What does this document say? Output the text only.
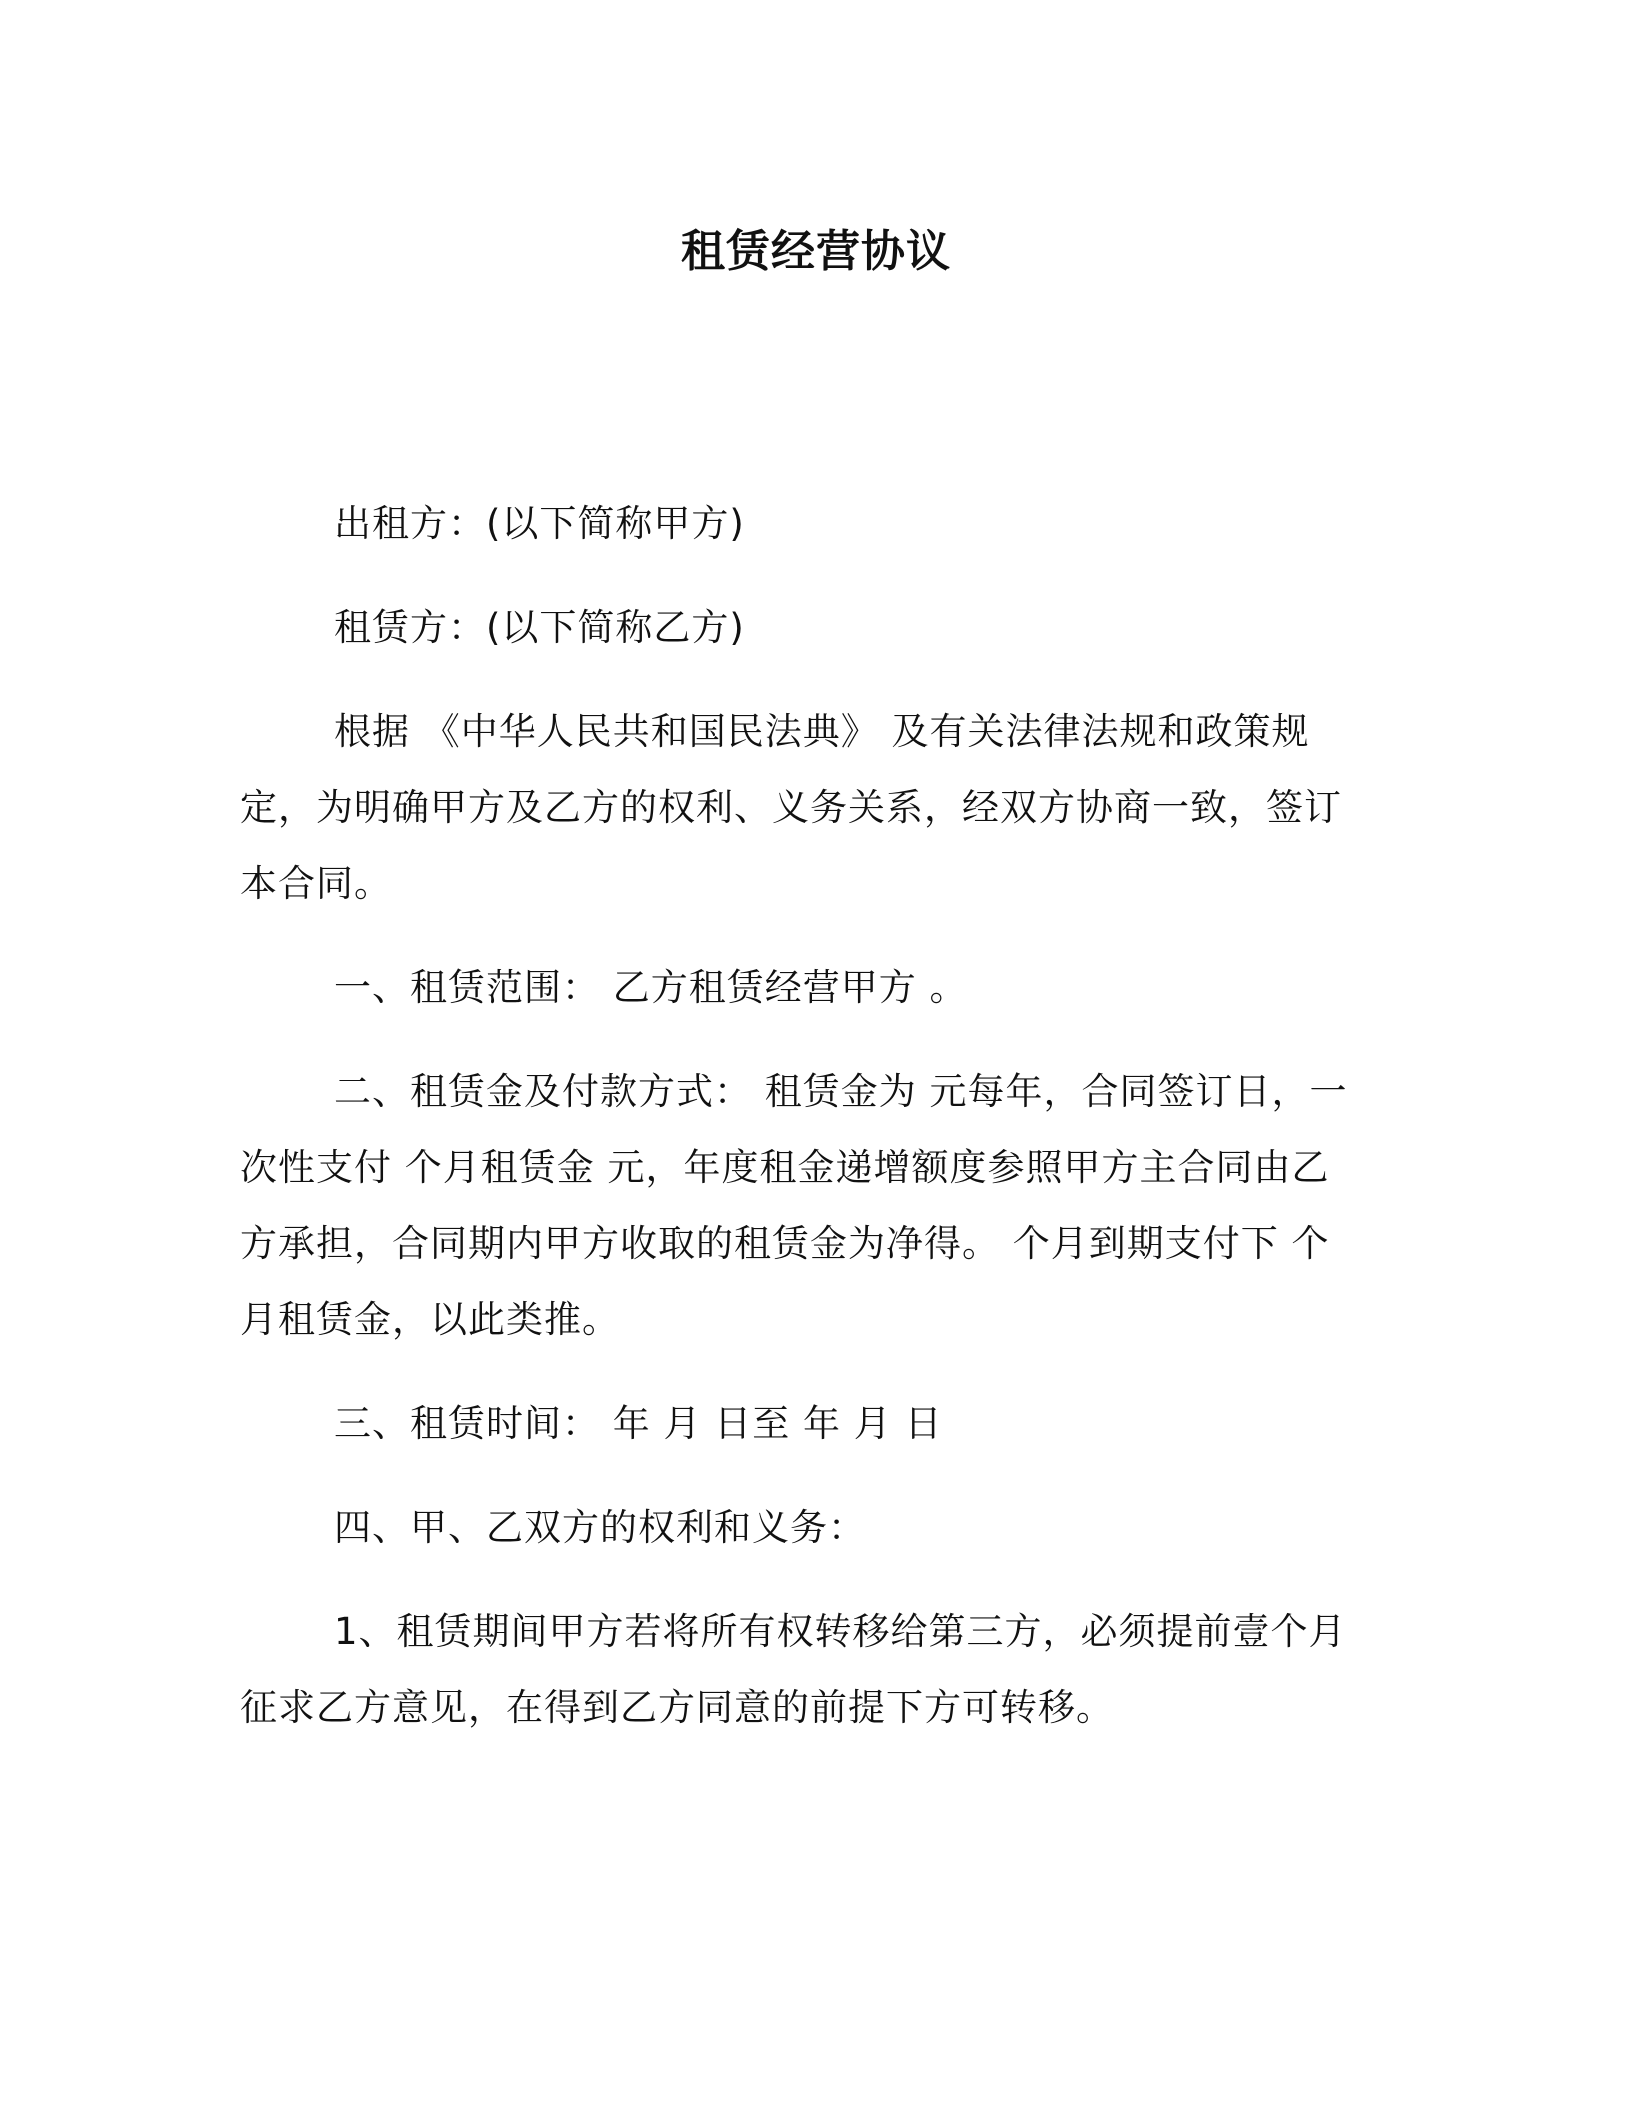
租赁经营协议
出租方：(以下简称甲方)
租赁方：(以下简称乙方)
根据 《中华人民共和国民法典》 及有关法律法规和政策规定，为明确甲方及乙方的权利、义务关系，经双方协商一致，签订本合同。
一、租赁范围： 乙方租赁经营甲方 。
二、租赁金及付款方式： 租赁金为 元每年，合同签订日，一次性支付 个月租赁金 元，年度租金递增额度参照甲方主合同由乙方承担，合同期内甲方收取的租赁金为净得。 个月到期支付下 个月租赁金，以此类推。
三、租赁时间： 年 月 日至 年 月 日
四、甲、乙双方的权利和义务：
1、租赁期间甲方若将所有权转移给第三方，必须提前壹个月征求乙方意见，在得到乙方同意的前提下方可转移。
